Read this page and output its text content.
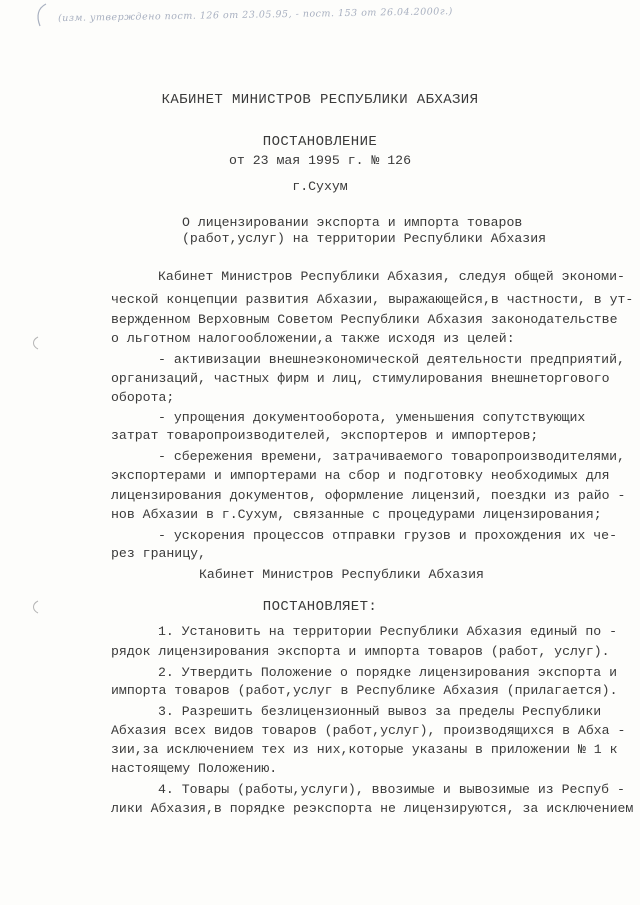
(изм. утверждено пост. 126 от 23.05.95, - пост. 153 от 26.04.2000г.)
КАБИНЕТ МИНИСТРОВ РЕСПУБЛИКИ АБХАЗИЯ
ПОСТАНОВЛЕНИЕ
от 23 мая 1995 г. № 126
г.Сухум
О лицензировании экспорта и импорта товаров
(работ,услуг) на территории Республики Абхазия
Кабинет Министров Республики Абхазия, следуя общей экономи-
ческой концепции развития Абхазии, выражающейся,в частности, в ут-
вержденном Верховным Советом Республики Абхазия законодательстве
о льготном налогообложении,а также исходя из целей:
- активизации внешнеэкономической деятельности предприятий,
организаций, частных фирм и лиц, стимулирования внешнеторгового
оборота;
- упрощения документооборота, уменьшения сопутствующих
затрат товаропроизводителей, экспортеров и импортеров;
- сбережения времени, затрачиваемого товаропроизводителями,
экспортерами и импортерами на сбор и подготовку необходимых для
лицензирования документов, оформление лицензий, поездки из райо -
нов Абхазии в г.Сухум, связанные с процедурами лицензирования;
- ускорения процессов отправки грузов и прохождения их че-
рез границу,
Кабинет Министров Республики Абхазия
ПОСТАНОВЛЯЕТ:
1. Установить на территории Республики Абхазия единый по -
рядок лицензирования экспорта и импорта товаров (работ, услуг).
2. Утвердить Положение о порядке лицензирования экспорта и
импорта товаров (работ,услуг в Республике Абхазия (прилагается).
3. Разрешить безлицензионный вывоз за пределы Республики
Абхазия всех видов товаров (работ,услуг), производящихся в Абха -
зии,за исключением тех из них,которые указаны в приложении № 1 к
настоящему Положению.
4. Товары (работы,услуги), ввозимые и вывозимые из Респуб -
лики Абхазия,в порядке реэкспорта не лицензируются, за исключением
